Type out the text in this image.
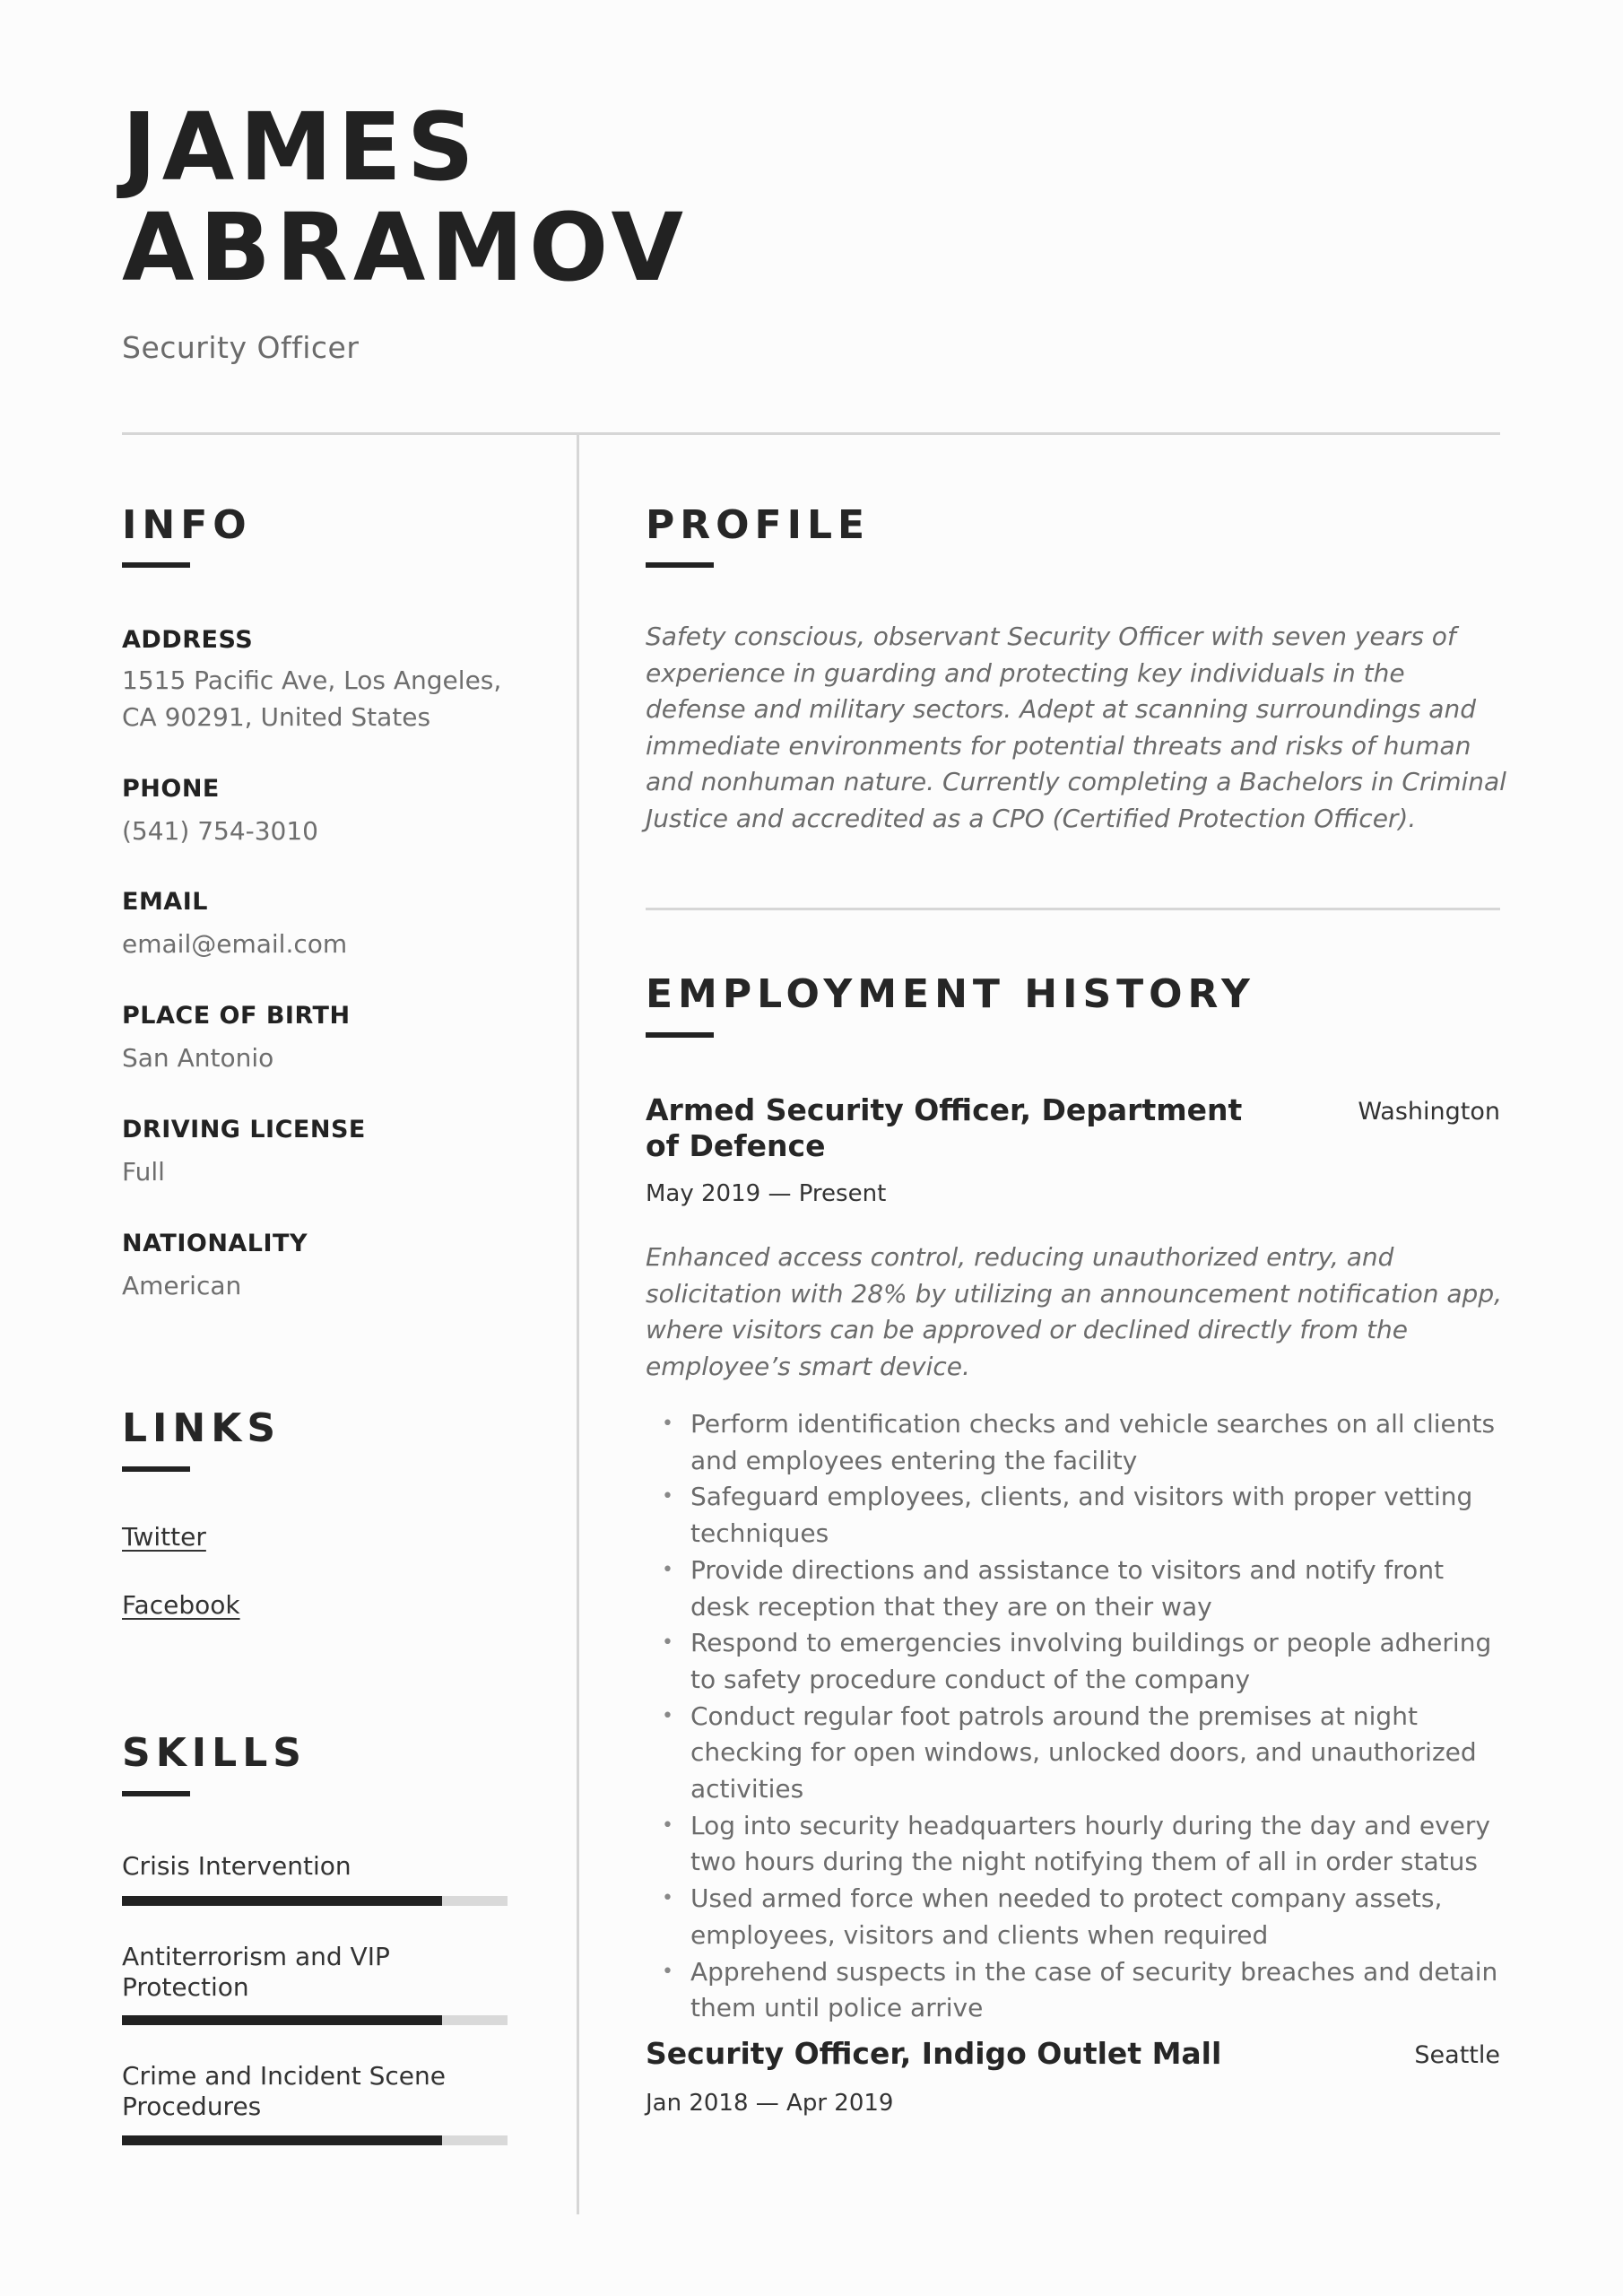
JAMES
ABRAMOV
Security Officer
INFO
ADDRESS
1515 Pacific Ave, Los Angeles, CA 90291, United States
PHONE
(541) 754-3010
EMAIL
email@email.com
PLACE OF BIRTH
San Antonio
DRIVING LICENSE
Full
NATIONALITY
American
LINKS
Twitter
Facebook
SKILLS
Crisis Intervention
Antiterrorism and VIP Protection
Crime and Incident Scene Procedures
PROFILE
Safety conscious, observant Security Officer with seven years of experience in guarding and protecting key individuals in the defense and military sectors. Adept at scanning surroundings and immediate environments for potential threats and risks of human and nonhuman nature. Currently completing a Bachelors in Criminal Justice and accredited as a CPO (Certified Protection Officer).
EMPLOYMENT HISTORY
Armed Security Officer, Department of Defence
Washington
May 2019 — Present
Enhanced access control, reducing unauthorized entry, and solicitation with 28% by utilizing an announcement notification app, where visitors can be approved or declined directly from the employee’s smart device.
• Perform identification checks and vehicle searches on all clients and employees entering the facility
• Safeguard employees, clients, and visitors with proper vetting techniques
• Provide directions and assistance to visitors and notify front desk reception that they are on their way
• Respond to emergencies involving buildings or people adhering to safety procedure conduct of the company
• Conduct regular foot patrols around the premises at night checking for open windows, unlocked doors, and unauthorized activities
• Log into security headquarters hourly during the day and every two hours during the night notifying them of all in order status
• Used armed force when needed to protect company assets, employees, visitors and clients when required
• Apprehend suspects in the case of security breaches and detain them until police arrive
Security Officer, Indigo Outlet Mall	Seattle
Jan 2018 — Apr 2019
